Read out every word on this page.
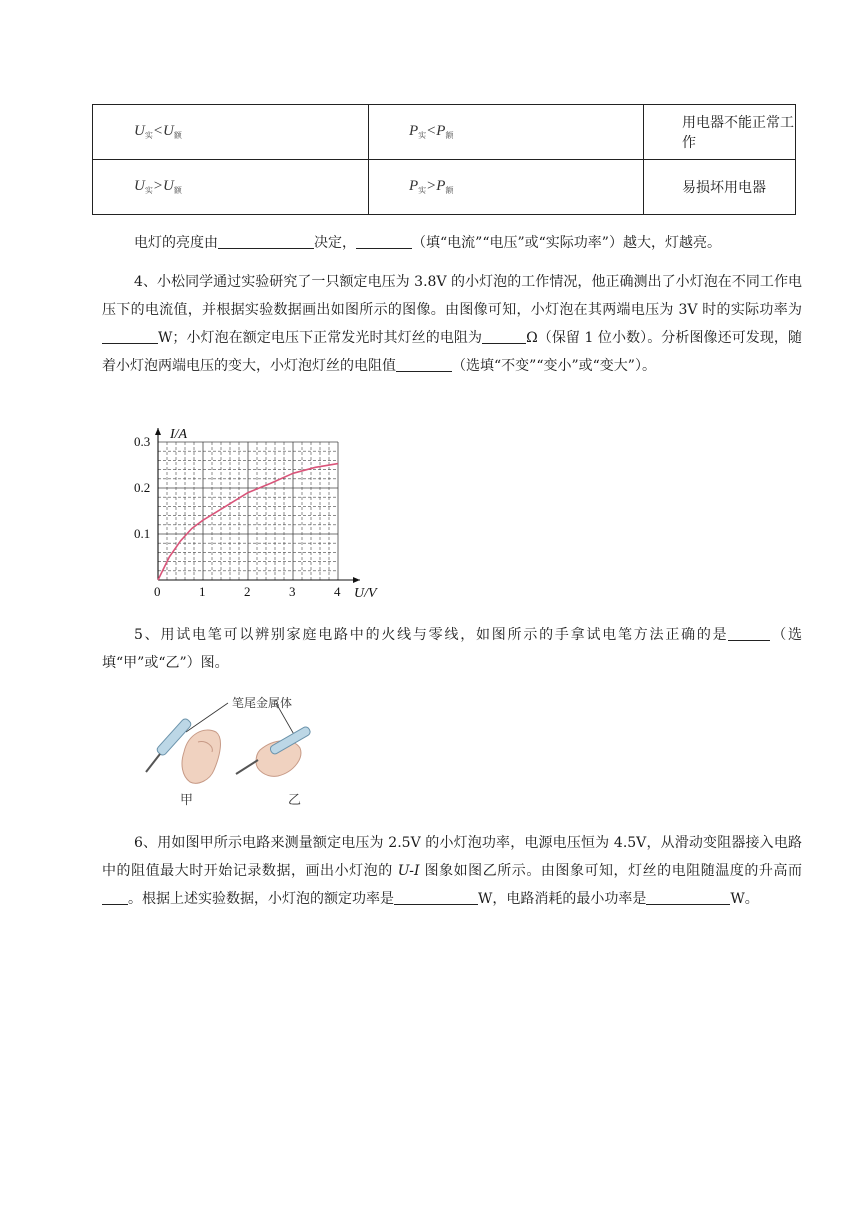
$U_实<U_额$	$P_实<P_额$	用电器不能正常工作
$U_实>U_额$	$P_实>P_额$	易损坏用电器

电灯的亮度由	决定，	（填“电流”“电压”或“实际功率”）越大，灯越亮。

4、小松同学通过实验研究了一只额定电压为 3.8V 的小灯泡的工作情况，他正确测出了小灯泡在不同工作电压下的电流值，并根据实验数据画出如图所示的图像。由图像可知，小灯泡在其两端电压为 3V 时的实际功率为W；小灯泡在额定电压下正常发光时其灯丝的电阻为	Ω（保留 1 位小数）。分析图像还可发现，随着小灯泡两端电压的变大，小灯泡灯丝的电阻值	（选填“不变”“变小”或“变大”）。

0	1	2	3	4
0.1
0.2
0.3
U/V
I/A

5、用试电笔可以辨别家庭电路中的火线与零线，如图所示的手拿试电笔方法正确的是	（选填“甲”或“乙”）图。

笔尾金属体
甲	乙

6、用如图甲所示电路来测量额定电压为 2.5V 的小灯泡功率，电源电压恒为 4.5V，从滑动变阻器接入电路中的阻值最大时开始记录数据，画出小灯泡的 U-I 图象如图乙所示。由图象可知，灯丝的电阻随温度的升高而。根据上述实验数据，小灯泡的额定功率是	W，电路消耗的最小功率是	W。
